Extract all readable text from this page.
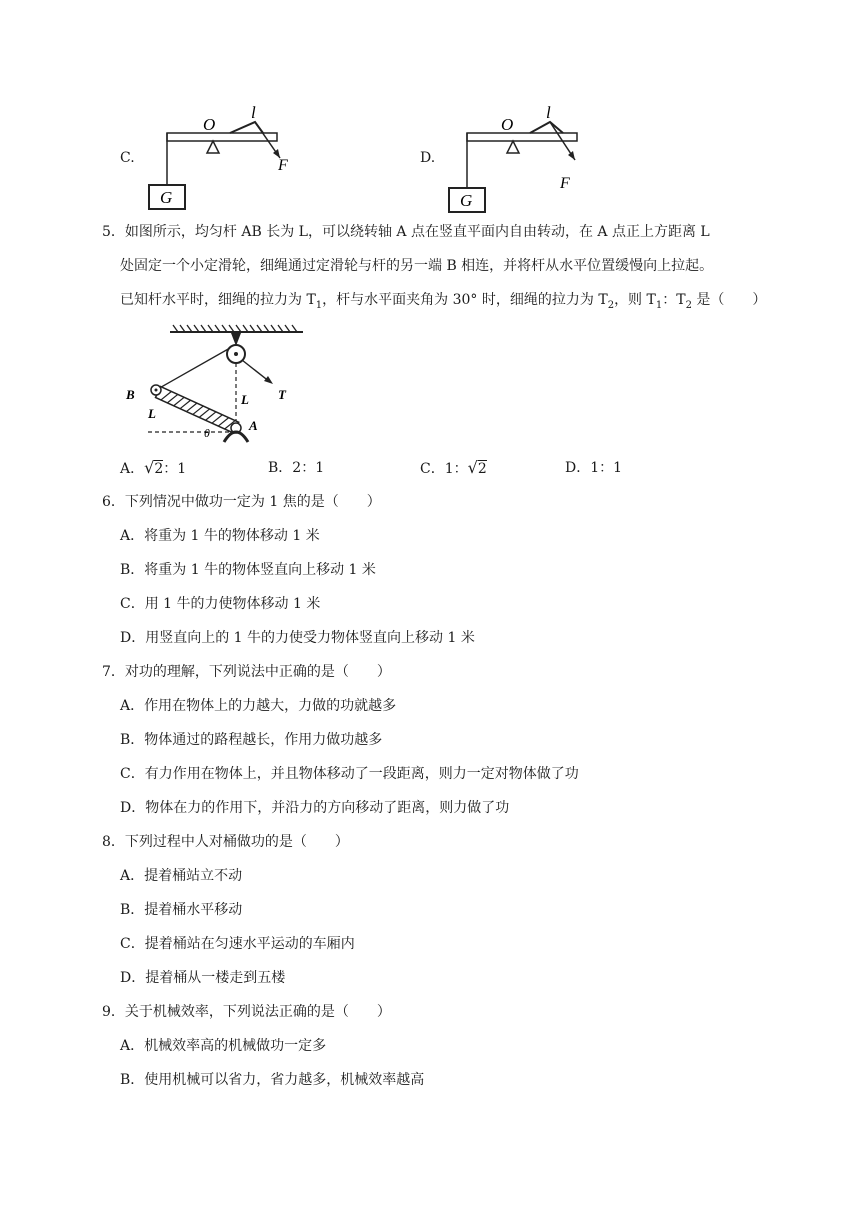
C.
O
l
F
G
D.
O
l
F
G
5．如图所示，均匀杆 AB 长为 L，可以绕转轴 A 点在竖直平面内自由转动，在 A 点正上方距离 L
处固定一个小定滑轮，细绳通过定滑轮与杆的另一端 B 相连，并将杆从水平位置缓慢向上拉起。
已知杆水平时，细绳的拉力为 $T_1$，杆与水平面夹角为 30° 时，细绳的拉力为 $T_2$，则 $T_1$：$T_2$ 是（　　）
B
L
L T
θ	A
A．√2：1	B．2：1	C．1：√2	D．1：1
6．下列情况中做功一定为 1 焦的是（　　）
A．将重为 1 牛的物体移动 1 米
B．将重为 1 牛的物体竖直向上移动 1 米
C．用 1 牛的力使物体移动 1 米
D．用竖直向上的 1 牛的力使受力物体竖直向上移动 1 米
7．对功的理解，下列说法中正确的是（　　）
A．作用在物体上的力越大，力做的功就越多
B．物体通过的路程越长，作用力做功越多
C．有力作用在物体上，并且物体移动了一段距离，则力一定对物体做了功
D．物体在力的作用下，并沿力的方向移动了距离，则力做了功
8．下列过程中人对桶做功的是（　　）
A．提着桶站立不动
B．提着桶水平移动
C．提着桶站在匀速水平运动的车厢内
D．提着桶从一楼走到五楼
9．关于机械效率，下列说法正确的是（　　）
A．机械效率高的机械做功一定多
B．使用机械可以省力，省力越多，机械效率越高
